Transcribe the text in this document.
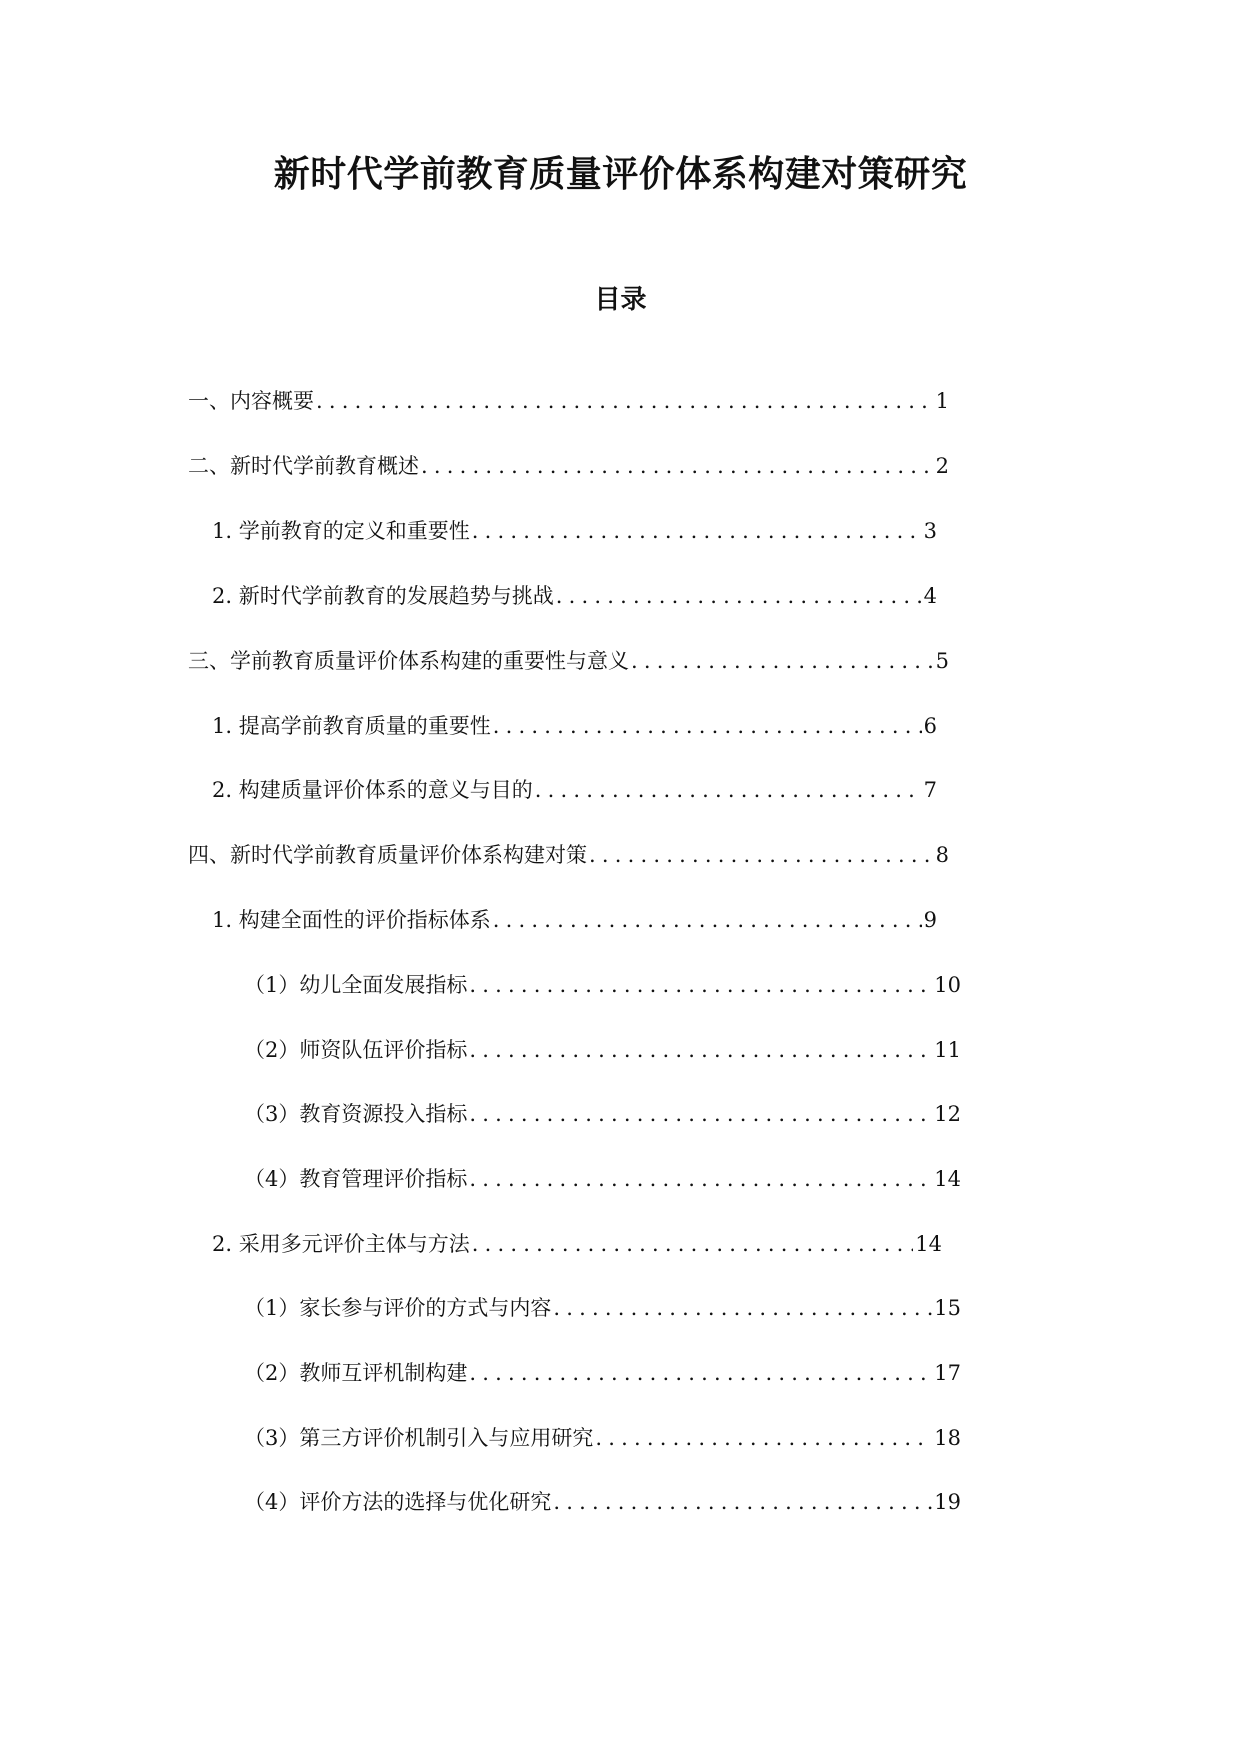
新时代学前教育质量评价体系构建对策研究
目录
一、内容概要 .....	1
二、新时代学前教育概述 .....	2
1. 学前教育的定义和重要性 .....	3
2. 新时代学前教育的发展趋势与挑战 .....	4
三、学前教育质量评价体系构建的重要性与意义 .....	5
1. 提高学前教育质量的重要性 .....	6
2. 构建质量评价体系的意义与目的 .....	7
四、新时代学前教育质量评价体系构建对策 .....	8
1. 构建全面性的评价指标体系 .....	9
（1）幼儿全面发展指标 .....	10
（2）师资队伍评价指标 .....	11
（3）教育资源投入指标 .....	12
（4）教育管理评价指标 .....	14
2. 采用多元评价主体与方法 .....	14
（1）家长参与评价的方式与内容 .....	15
（2）教师互评机制构建 .....	17
（3）第三方评价机制引入与应用研究 .....	18
（4）评价方法的选择与优化研究 .....	19
